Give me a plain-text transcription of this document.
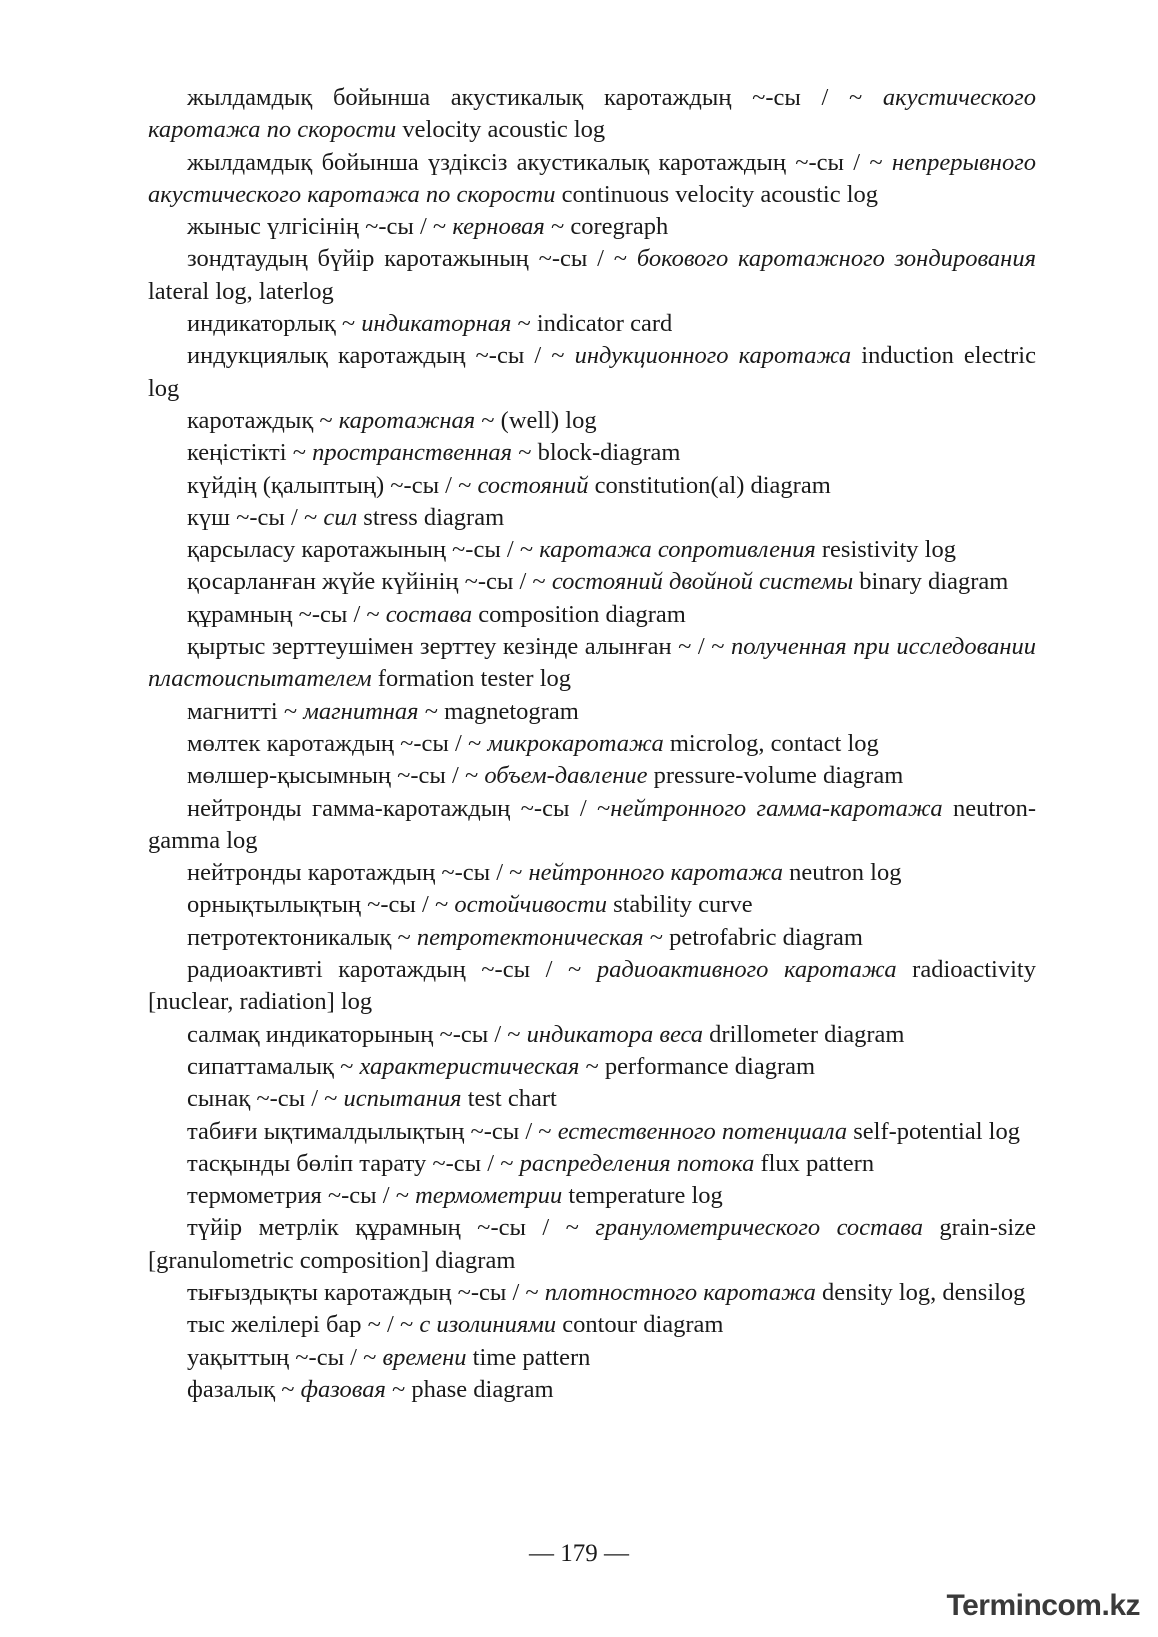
жылдамдық бойынша акустикалық каротаждың ~-сы / ~ акустического каротажа по скорости velocity acoustic log

жылдамдық бойынша үздіксіз акустикалық каротаждың ~-сы / ~ непрерывного акустического каротажа по скорости continuous velocity acoustic log

жыныс үлгісінің ~-сы / ~ керновая ~ coregraph

зондтаудың бүйір каротажының ~-сы / ~ бокового каротажного зондирования lateral log, laterlog

индикаторлық ~ индикаторная ~ indicator card

индукциялық каротаждың ~-сы / ~ индукционного каротажа induction electric log

каротаждық ~ каротажная ~ (well) log

кеңістікті ~ пространственная ~ block-diagram

күйдің (қалыптың) ~-сы / ~ состояний constitution(al) diagram

күш ~-сы / ~ сил stress diagram

қарсыласу каротажының ~-сы / ~ каротажа сопротивления resistivity log

қосарланған жүйе күйінің ~-сы / ~ состояний двойной системы binary diagram

құрамның ~-сы / ~ состава composition diagram

қыртыс зерттеушімен зерттеу кезінде алынған ~ / ~ полученная при исследовании пластоиспытателем formation tester log

магнитті ~ магнитная ~ magnetogram

мөлтек каротаждың ~-сы / ~ микрокаротажа microlog, contact log

мөлшер-қысымның ~-сы / ~ объем-давление pressure-volume diagram

нейтронды гамма-каротаждың ~-сы / ~нейтронного гамма-каротажа neutron-gamma log

нейтронды каротаждың ~-сы / ~ нейтронного каротажа neutron log

орнықтылықтың ~-сы / ~ остойчивости stability curve

петротектоникалық ~ петротектоническая ~ petrofabric diagram

радиоактивті каротаждың ~-сы / ~ радиоактивного каротажа radioactivity [nuclear, radiation] log

салмақ индикаторының ~-сы / ~ индикатора веса drillometer diagram

сипаттамалық ~ характеристическая ~ performance diagram

сынақ ~-сы / ~ испытания test chart

табиғи ықтималдылықтың ~-сы / ~ естественного потенциала self-potential log

тасқынды бөліп тарату ~-сы / ~ распределения потока flux pattern

термометрия ~-сы / ~ термометрии temperature log

түйір метрлік құрамның ~-сы / ~ гранулометрического состава grain-size [granulometric composition] diagram

тығыздықты каротаждың ~-сы / ~ плотностного каротажа density log, densilog

тыс желілері бар ~ / ~ с изолиниями contour diagram

уақыттың ~-сы / ~ времени time pattern

фазалық ~ фазовая ~ phase diagram

— 179 —
Termincom.kz
